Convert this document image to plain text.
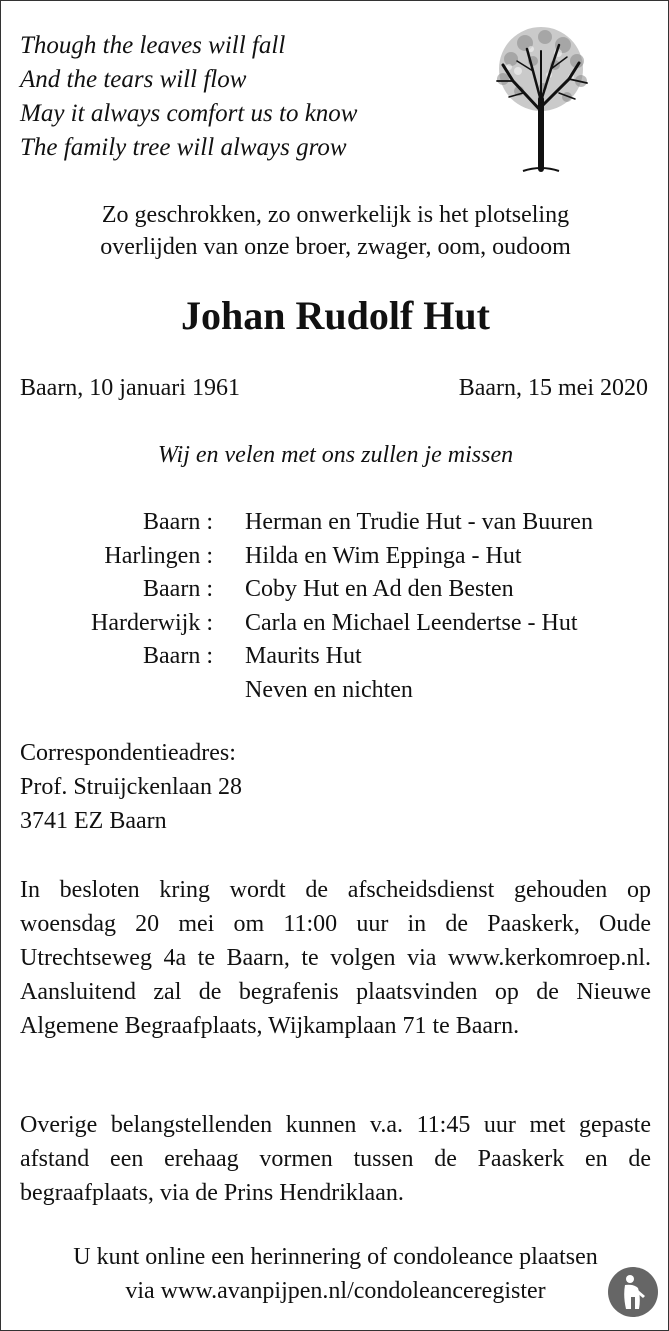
Though the leaves will fall
And the tears will flow
May it always comfort us to know
The family tree will always grow
Zo geschrokken, zo onwerkelijk is het plotseling
overlijden van onze broer, zwager, oom, oudoom
Johan Rudolf Hut
Baarn, 10 januari 1961	Baarn, 15 mei 2020
Wij en velen met ons zullen je missen
Baarn : Herman en Trudie Hut - van Buuren
Harlingen : Hilda en Wim Eppinga - Hut
Baarn : Coby Hut en Ad den Besten
Harderwijk : Carla en Michael Leendertse - Hut
Baarn : Maurits Hut
Neven en nichten
Correspondentieadres:
Prof. Struijckenlaan 28
3741 EZ Baarn
In besloten kring wordt de afscheidsdienst gehouden op woensdag 20 mei om 11:00 uur in de Paaskerk, Oude Utrechtseweg 4a te Baarn, te volgen via www.kerkomroep.nl. Aansluitend zal de begrafenis plaatsvinden op de Nieuwe Algemene Begraafplaats, Wijkamplaan 71 te Baarn.
Overige belangstellenden kunnen v.a. 11:45 uur met gepaste afstand een erehaag vormen tussen de Paaskerk en de begraafplaats, via de Prins Hendriklaan.
U kunt online een herinnering of condoleance plaatsen
via www.avanpijpen.nl/condoleanceregister
